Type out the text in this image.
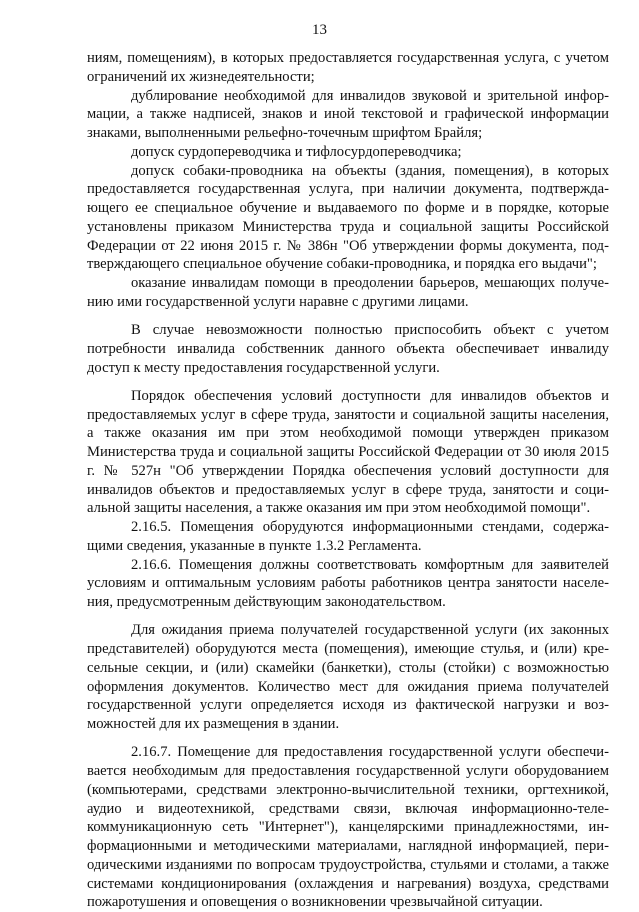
13

ниям, помещениям), в которых предоставляется государственная услуга, с учетом ограничений их жизнедеятельности;

дублирование необходимой для инвалидов звуковой и зрительной информации, а также надписей, знаков и иной текстовой и графической информации знаками, выполненными рельефно-точечным шрифтом Брайля;

допуск сурдопереводчика и тифлосурдопереводчика;

допуск собаки-проводника на объекты (здания, помещения), в которых предоставляется государственная услуга, при наличии документа, подтверждающего ее специальное обучение и выдаваемого по форме и в порядке, которые установлены приказом Министерства труда и социальной защиты Российской Федерации от 22 июня 2015 г. № 386н "Об утверждении формы документа, подтверждающего специальное обучение собаки-проводника, и порядка его выдачи";

оказание инвалидам помощи в преодолении барьеров, мешающих получению ими государственной услуги наравне с другими лицами.

В случае невозможности полностью приспособить объект с учетом потребности инвалида собственник данного объекта обеспечивает инвалиду доступ к месту предоставления государственной услуги.

Порядок обеспечения условий доступности для инвалидов объектов и предоставляемых услуг в сфере труда, занятости и социальной защиты населения, а также оказания им при этом необходимой помощи утвержден приказом Министерства труда и социальной защиты Российской Федерации от 30 июля 2015 г. № 527н "Об утверждении Порядка обеспечения условий доступности для инвалидов объектов и предоставляемых услуг в сфере труда, занятости и социальной защиты населения, а также оказания им при этом необходимой помощи".

2.16.5. Помещения оборудуются информационными стендами, содержащими сведения, указанные в пункте 1.3.2 Регламента.

2.16.6. Помещения должны соответствовать комфортным для заявителей условиям и оптимальным условиям работы работников центра занятости населения, предусмотренным действующим законодательством.

Для ожидания приема получателей государственной услуги (их законных представителей) оборудуются места (помещения), имеющие стулья, и (или) кресельные секции, и (или) скамейки (банкетки), столы (стойки) с возможностью оформления документов. Количество мест для ожидания приема получателей государственной услуги определяется исходя из фактической нагрузки и возможностей для их размещения в здании.

2.16.7. Помещение для предоставления государственной услуги обеспечивается необходимым для предоставления государственной услуги оборудованием (компьютерами, средствами электронно-вычислительной техники, оргтехникой, аудио и видеотехникой, средствами связи, включая информационно-телекоммуникационную сеть "Интернет"), канцелярскими принадлежностями, информационными и методическими материалами, наглядной информацией, периодическими изданиями по вопросам трудоустройства, стульями и столами, а также системами кондиционирования (охлаждения и нагревания) воздуха, средствами пожаротушения и оповещения о возникновении чрезвычайной ситуации.
